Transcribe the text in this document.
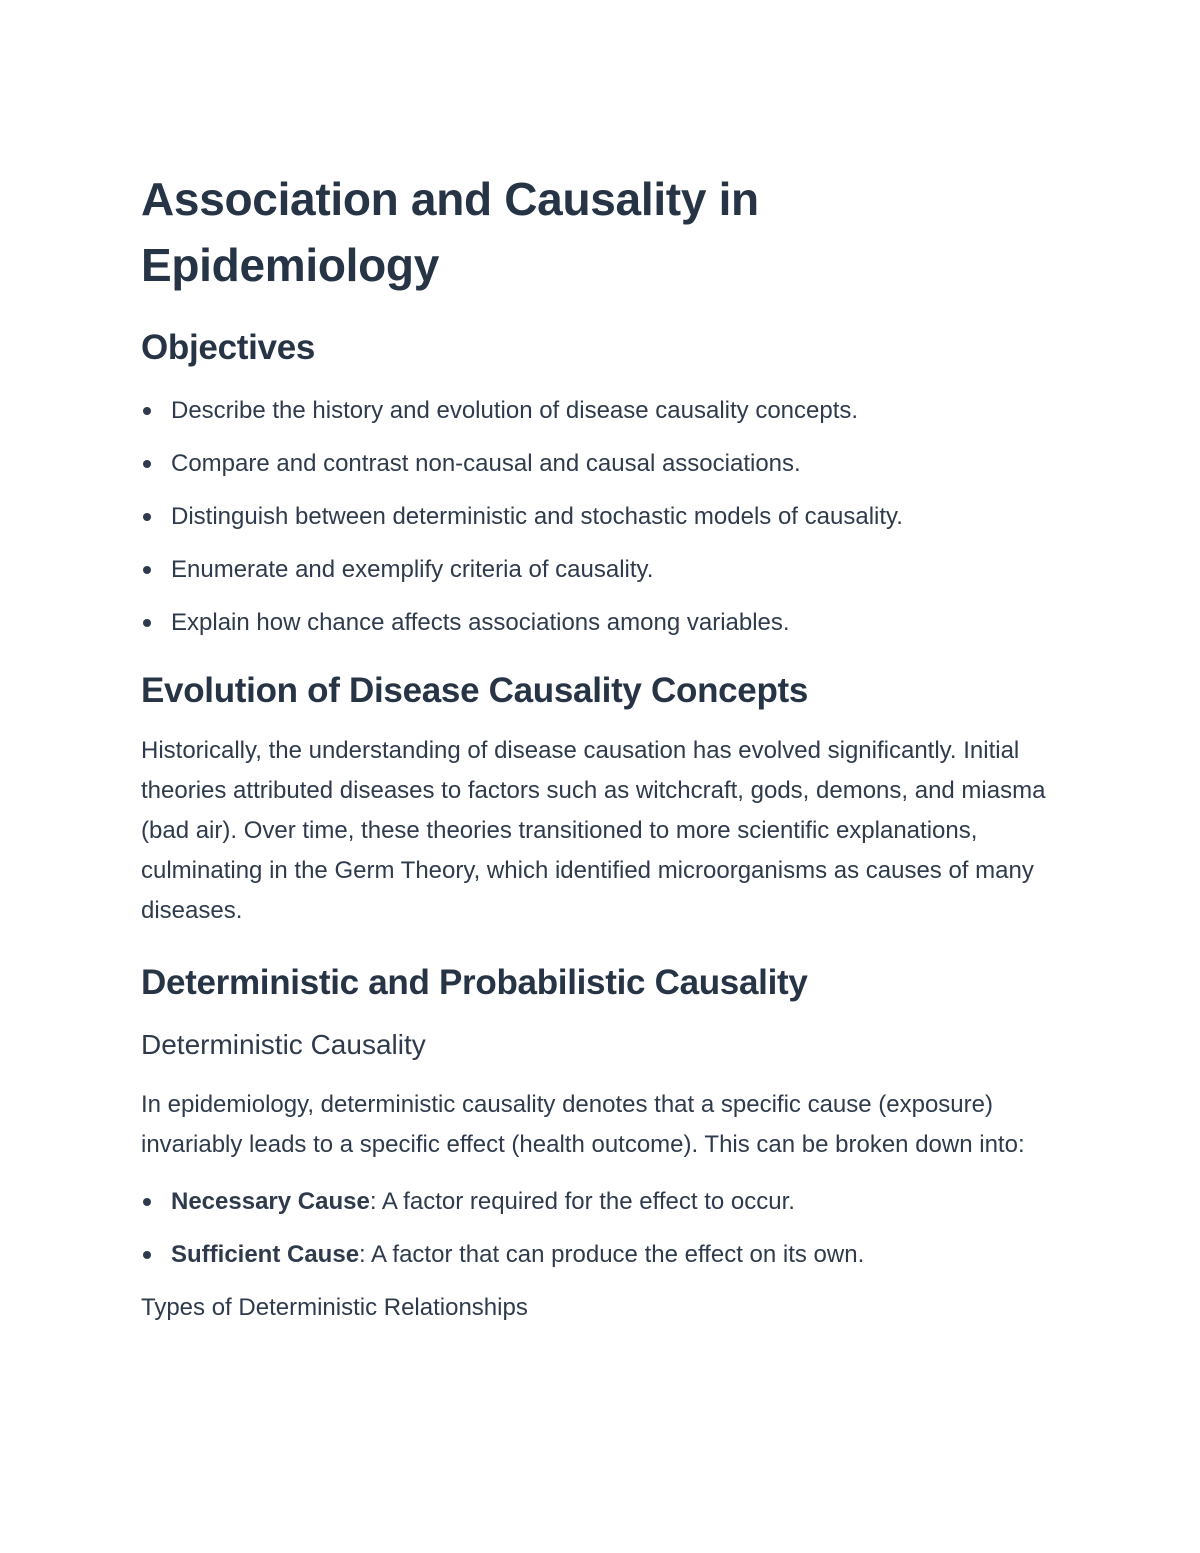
Association and Causality in Epidemiology
Objectives
Describe the history and evolution of disease causality concepts.
Compare and contrast non-causal and causal associations.
Distinguish between deterministic and stochastic models of causality.
Enumerate and exemplify criteria of causality.
Explain how chance affects associations among variables.
Evolution of Disease Causality Concepts

Historically, the understanding of disease causation has evolved significantly. Initial theories attributed diseases to factors such as witchcraft, gods, demons, and miasma (bad air). Over time, these theories transitioned to more scientific explanations, culminating in the Germ Theory, which identified microorganisms as causes of many diseases.

Deterministic and Probabilistic Causality
Deterministic Causality

In epidemiology, deterministic causality denotes that a specific cause (exposure) invariably leads to a specific effect (health outcome). This can be broken down into:

Necessary Cause: A factor required for the effect to occur.
Sufficient Cause: A factor that can produce the effect on its own.
Types of Deterministic Relationships
